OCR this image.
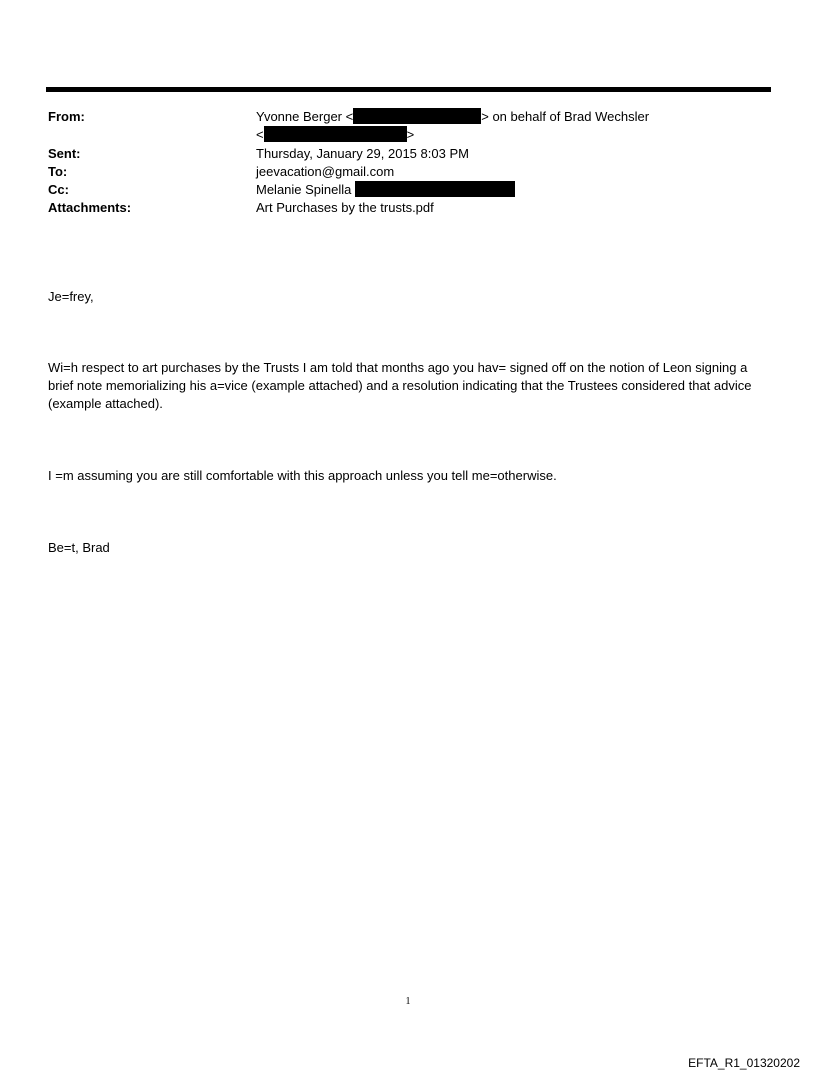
From:	Yvonne Berger <	> on behalf of Brad Wechsler
<	>
Sent:	Thursday, January 29, 2015 8:03 PM
To:	jeevacation@gmail.com
Cc:	Melanie Spinella
Attachments:	Art Purchases by the trusts.pdf
Je=frey,
Wi=h respect to art purchases by the Trusts I am told that months ago you hav= signed off on the notion of Leon signing a brief note memorializing his a=vice (example attached) and a resolution indicating that the Trustees considered that advice (example attached).
I =m assuming you are still comfortable with this approach unless you tell me=otherwise.
Be=t, Brad
1
EFTA_R1_01320202
